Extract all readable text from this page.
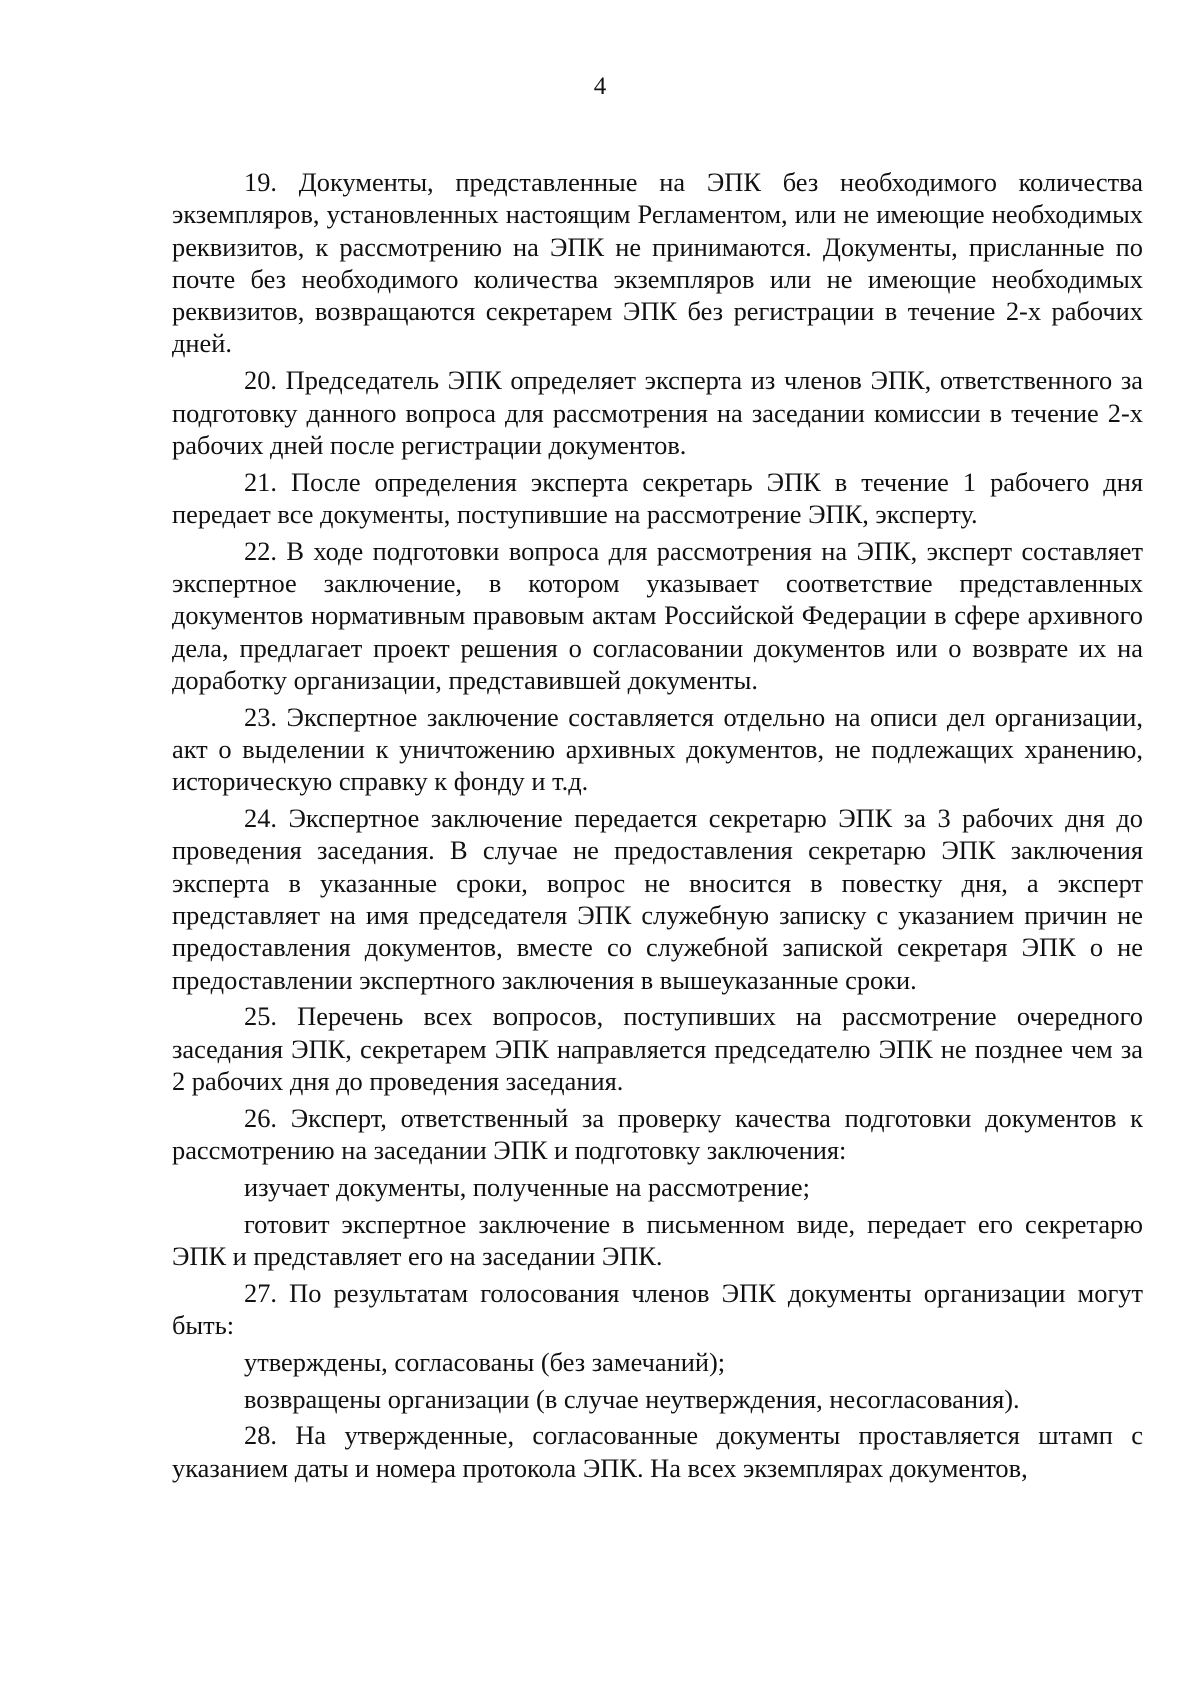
4

19. Документы, представленные на ЭПК без необходимого количества экземпляров, установленных настоящим Регламентом, или не имеющие необходимых реквизитов, к рассмотрению на ЭПК не принимаются. Документы, присланные по почте без необходимого количества экземпляров или не имеющие необходимых реквизитов, возвращаются секретарем ЭПК без регистрации в течение 2-х рабочих дней.

20. Председатель ЭПК определяет эксперта из членов ЭПК, ответственного за подготовку данного вопроса для рассмотрения на заседании комиссии в течение 2-х рабочих дней после регистрации документов.

21. После определения эксперта секретарь ЭПК в течение 1 рабочего дня передает все документы, поступившие на рассмотрение ЭПК, эксперту.

22. В ходе подготовки вопроса для рассмотрения на ЭПК, эксперт составляет экспертное заключение, в котором указывает соответствие представленных документов нормативным правовым актам Российской Федерации в сфере архивного дела, предлагает проект решения о согласовании документов или о возврате их на доработку организации, представившей документы.

23. Экспертное заключение составляется отдельно на описи дел организации, акт о выделении к уничтожению архивных документов, не подлежащих хранению, историческую справку к фонду и т.д.

24. Экспертное заключение передается секретарю ЭПК за 3 рабочих дня до проведения заседания. В случае не предоставления секретарю ЭПК заключения эксперта в указанные сроки, вопрос не вносится в повестку дня, а эксперт представляет на имя председателя ЭПК служебную записку с указанием причин не предоставления документов, вместе со служебной запиской секретаря ЭПК о не предоставлении экспертного заключения в вышеуказанные сроки.

25. Перечень всех вопросов, поступивших на рассмотрение очередного заседания ЭПК, секретарем ЭПК направляется председателю ЭПК не позднее чем за 2 рабочих дня до проведения заседания.

26. Эксперт, ответственный за проверку качества подготовки документов к рассмотрению на заседании ЭПК и подготовку заключения:

изучает документы, полученные на рассмотрение;

готовит экспертное заключение в письменном виде, передает его секретарю ЭПК и представляет его на заседании ЭПК.

27. По результатам голосования членов ЭПК документы организации могут быть:

утверждены, согласованы (без замечаний);

возвращены организации (в случае неутверждения, несогласования).

28. На утвержденные, согласованные документы проставляется штамп с указанием даты и номера протокола ЭПК. На всех экземплярах документов,
